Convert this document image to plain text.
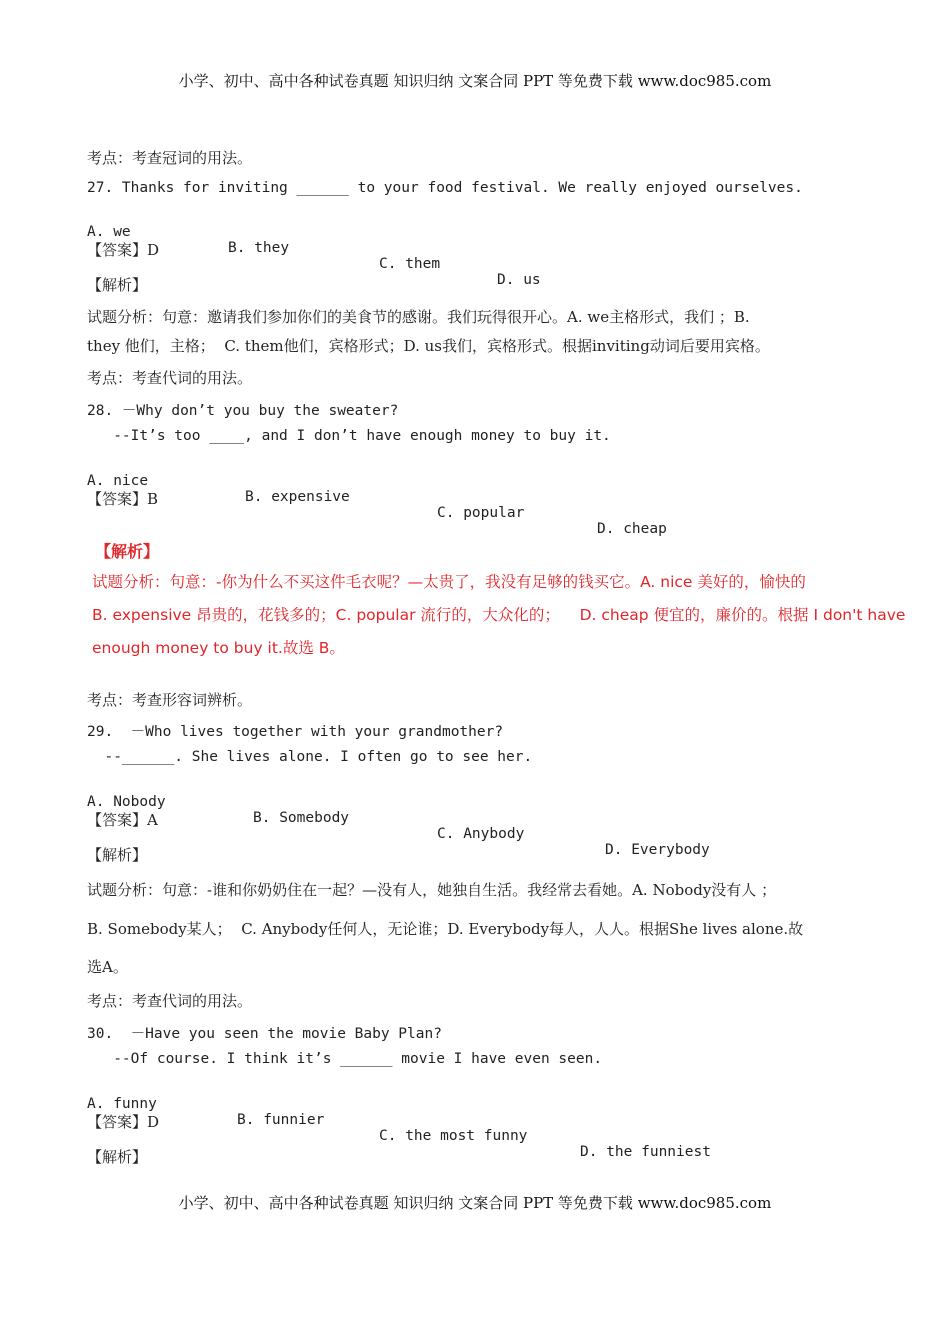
小学、初中、高中各种试卷真题 知识归纳 文案合同 PPT 等免费下载 www.doc985.com
考点：考查冠词的用法。
27. Thanks for inviting ______ to your food festival. We really enjoyed ourselves.

A. we

B. they

C. them

D. us

【答案】D
【解析】
试题分析：句意：邀请我们参加你们的美食节的感谢。我们玩得很开心。A. we主格形式，我们 ；B.
they 他们，主格；  C. them他们，宾格形式；D. us我们，宾格形式。根据inviting动词后要用宾格。
考点：考查代词的用法。
28. －Why don’t you buy the sweater?
--It’s too ____, and I don’t have enough money to buy it.

A. nice

B. expensive

C. popular

D. cheap

【答案】B
【解析】
试题分析：句意：-你为什么不买这件毛衣呢？—太贵了，我没有足够的钱买它。A. nice 美好的，愉快的
B. expensive 昂贵的，花钱多的；C. popular 流行的，大众化的；    D. cheap 便宜的，廉价的。根据 I don't have
enough money to buy it.故选 B。
考点：考查形容词辨析。
29.  －Who lives together with your grandmother?
--______. She lives alone. I often go to see her.

A. Nobody

B. Somebody

C. Anybody

D. Everybody

【答案】A
【解析】
试题分析：句意：-谁和你奶奶住在一起？—没有人，她独自生活。我经常去看她。A. Nobody没有人 ；
B. Somebody某人；  C. Anybody任何人，无论谁；D. Everybody每人，人人。根据She lives alone.故
选A。
考点：考查代词的用法。
30.  －Have you seen the movie Baby Plan?
--Of course. I think it’s ______ movie I have even seen.

A. funny

B. funnier

C. the most funny

D. the funniest

【答案】D
【解析】
小学、初中、高中各种试卷真题 知识归纳 文案合同 PPT 等免费下载 www.doc985.com
